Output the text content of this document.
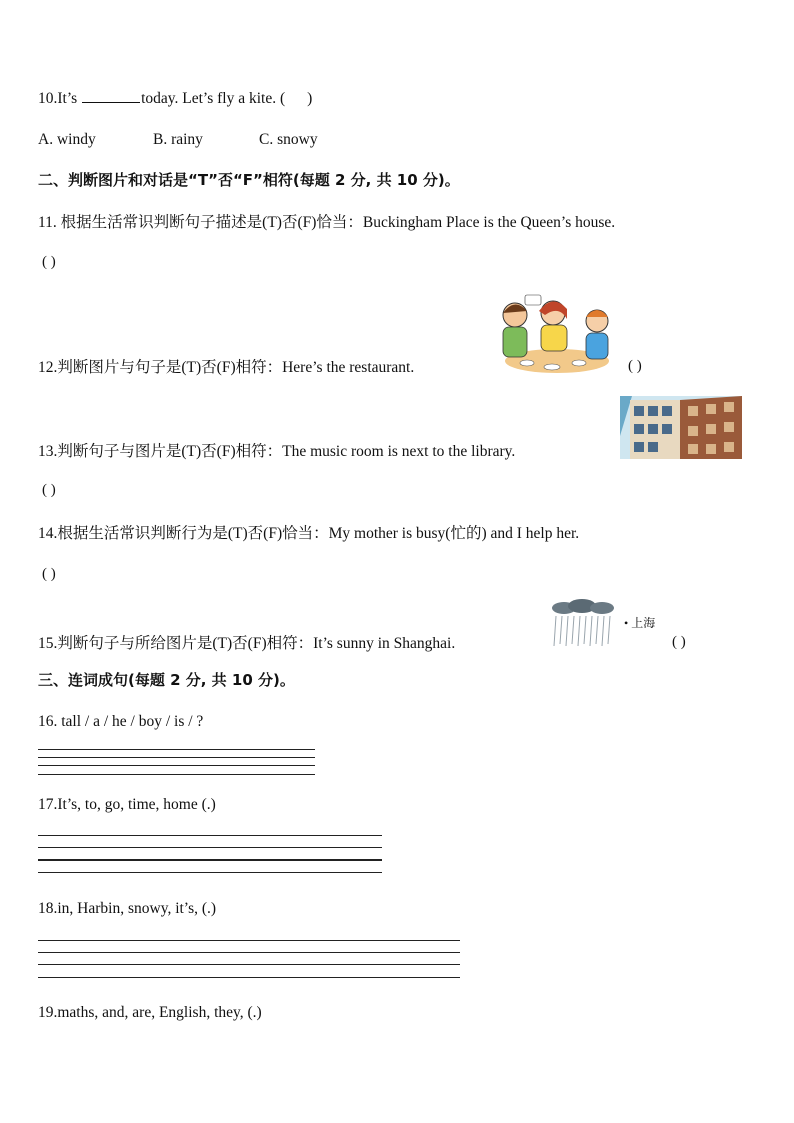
10.It’s	today. Let’s fly a kite. ( )
A. windy	B. rainy	C. snowy
二、判断图片和对话是“T”否“F”相符(每题 2 分, 共 10 分)。
11. 根据生活常识判断句子描述是(T)否(F)恰当：Buckingham Place is the Queen’s house.
( )
12.判断图片与句子是(T)否(F)相符：Here’s the restaurant.	( )
13.判断句子与图片是(T)否(F)相符：The music room is next to the library.
( )
14.根据生活常识判断行为是(T)否(F)恰当：My mother is busy(忙的) and I help her.
( )
15.判断句子与所给图片是(T)否(F)相符：It’s sunny in Shanghai.
• 上海
( )
三、连词成句(每题 2 分, 共 10 分)。
16. tall / a / he / boy / is / ?
17.It’s, to, go, time, home (.)
18.in, Harbin, snowy, it’s, (.)
19.maths, and, are, English, they, (.)
